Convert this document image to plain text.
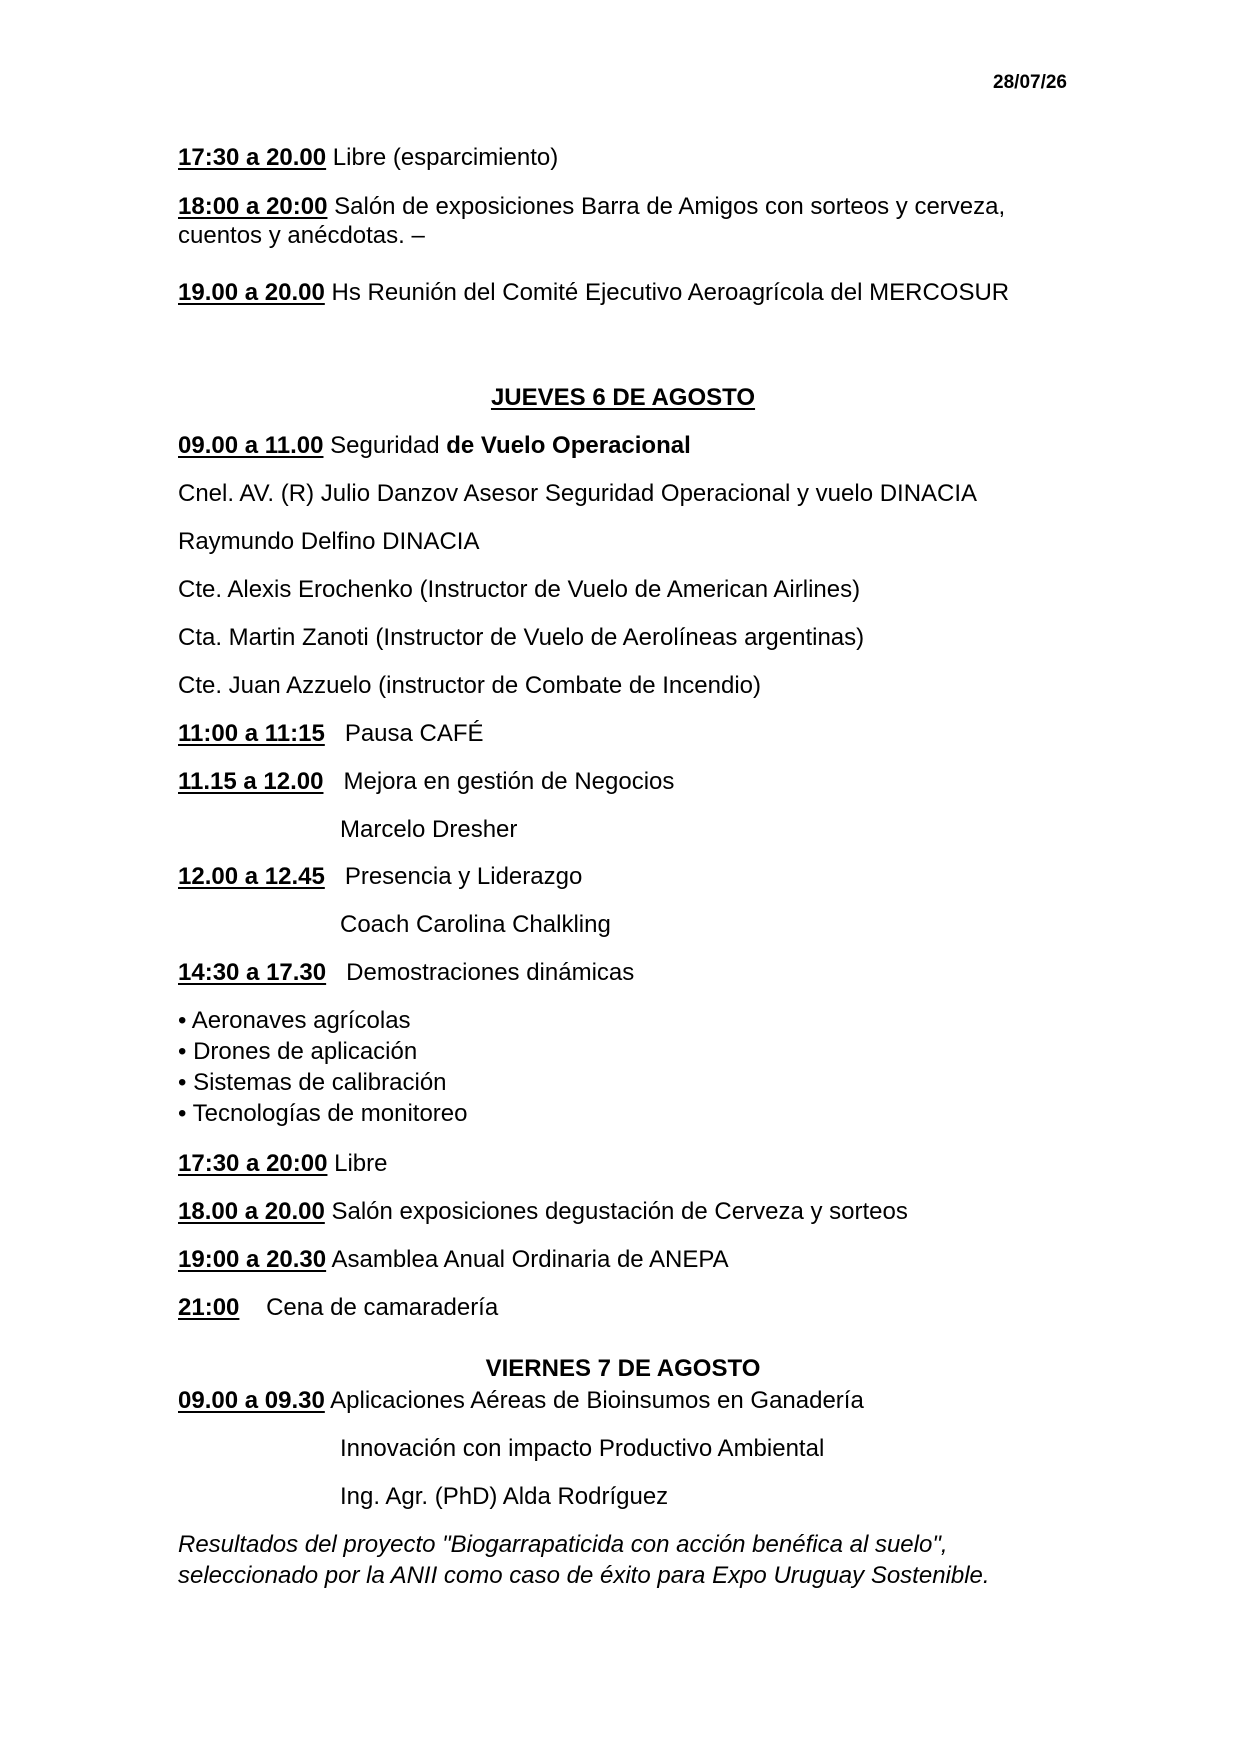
28/07/26
17:30 a 20.00 Libre (esparcimiento)
18:00 a 20:00 Salón de exposiciones Barra de Amigos con sorteos y cerveza,
cuentos y anécdotas. –
19.00 a 20.00 Hs Reunión del Comité Ejecutivo Aeroagrícola del MERCOSUR
JUEVES 6 DE AGOSTO
09.00 a 11.00 Seguridad de Vuelo Operacional
Cnel. AV. (R) Julio Danzov Asesor Seguridad Operacional y vuelo DINACIA
Raymundo Delfino DINACIA
Cte. Alexis Erochenko (Instructor de Vuelo de American Airlines)
Cta. Martin Zanoti (Instructor de Vuelo de Aerolíneas argentinas)
Cte. Juan Azzuelo (instructor de Combate de Incendio)
11:00 a 11:15 Pausa CAFÉ
11.15 a 12.00 Mejora en gestión de Negocios
Marcelo Dresher
12.00 a 12.45 Presencia y Liderazgo
Coach Carolina Chalkling
14:30 a 17.30 Demostraciones dinámicas
• Aeronaves agrícolas
• Drones de aplicación
• Sistemas de calibración
• Tecnologías de monitoreo
17:30 a 20:00 Libre
18.00 a 20.00 Salón exposiciones degustación de Cerveza y sorteos
19:00 a 20.30 Asamblea Anual Ordinaria de ANEPA
21:00 Cena de camaradería
VIERNES 7 DE AGOSTO
09.00 a 09.30 Aplicaciones Aéreas de Bioinsumos en Ganadería
Innovación con impacto Productivo Ambiental
Ing. Agr. (PhD) Alda Rodríguez
Resultados del proyecto "Biogarrapaticida con acción benéfica al suelo",
seleccionado por la ANII como caso de éxito para Expo Uruguay Sostenible.
